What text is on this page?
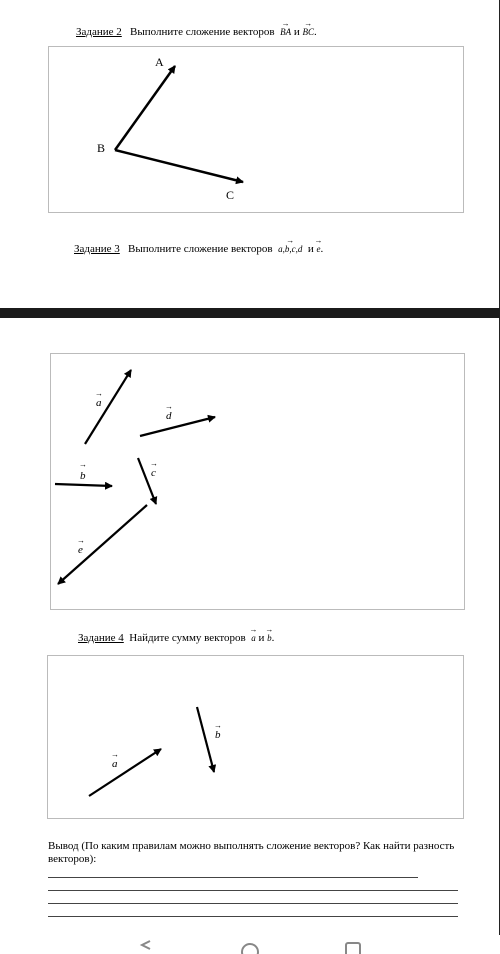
Задание 2 Выполните сложение векторов → BA и → BC.
A
B
C
Задание 3 Выполните сложение векторов → a,b,c,d и → e.
a
→
d
→
b
→
c
→
e
→
a
→
b
→
Задание 4 Найдите сумму векторов → a и → b.
Вывод (По каким правилам можно выполнять сложение векторов? Как найти разность векторов):
